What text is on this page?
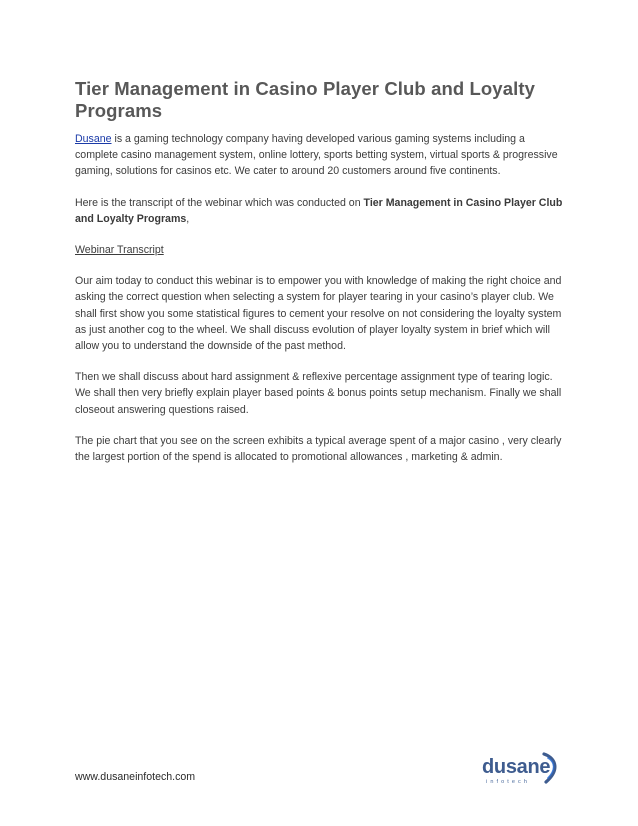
Tier Management in Casino Player Club and Loyalty Programs

Dusane is a gaming technology company having developed various gaming systems including a complete casino management system, online lottery, sports betting system, virtual sports & progressive gaming, solutions for casinos etc. We cater to around 20 customers around five continents.

Here is the transcript of the webinar which was conducted on Tier Management in Casino Player Club and Loyalty Programs,

Webinar Transcript

Our aim today to conduct this webinar is to empower you with knowledge of making the right choice and asking the correct question when selecting a system for player tearing in your casino’s player club. We shall first show you some statistical figures to cement your resolve on not considering the loyalty system as just another cog to the wheel. We shall discuss evolution of player loyalty system in brief which will allow you to understand the downside of the past method.

Then we shall discuss about hard assignment & reflexive percentage assignment type of tearing logic. We shall then very briefly explain player based points & bonus points setup mechanism. Finally we shall closeout answering questions raised.

The pie chart that you see on the screen exhibits a typical average spent of a major casino , very clearly the largest portion of the spend is allocated to promotional allowances , marketing & admin.

www.dusaneinfotech.com	dusane
infotech
